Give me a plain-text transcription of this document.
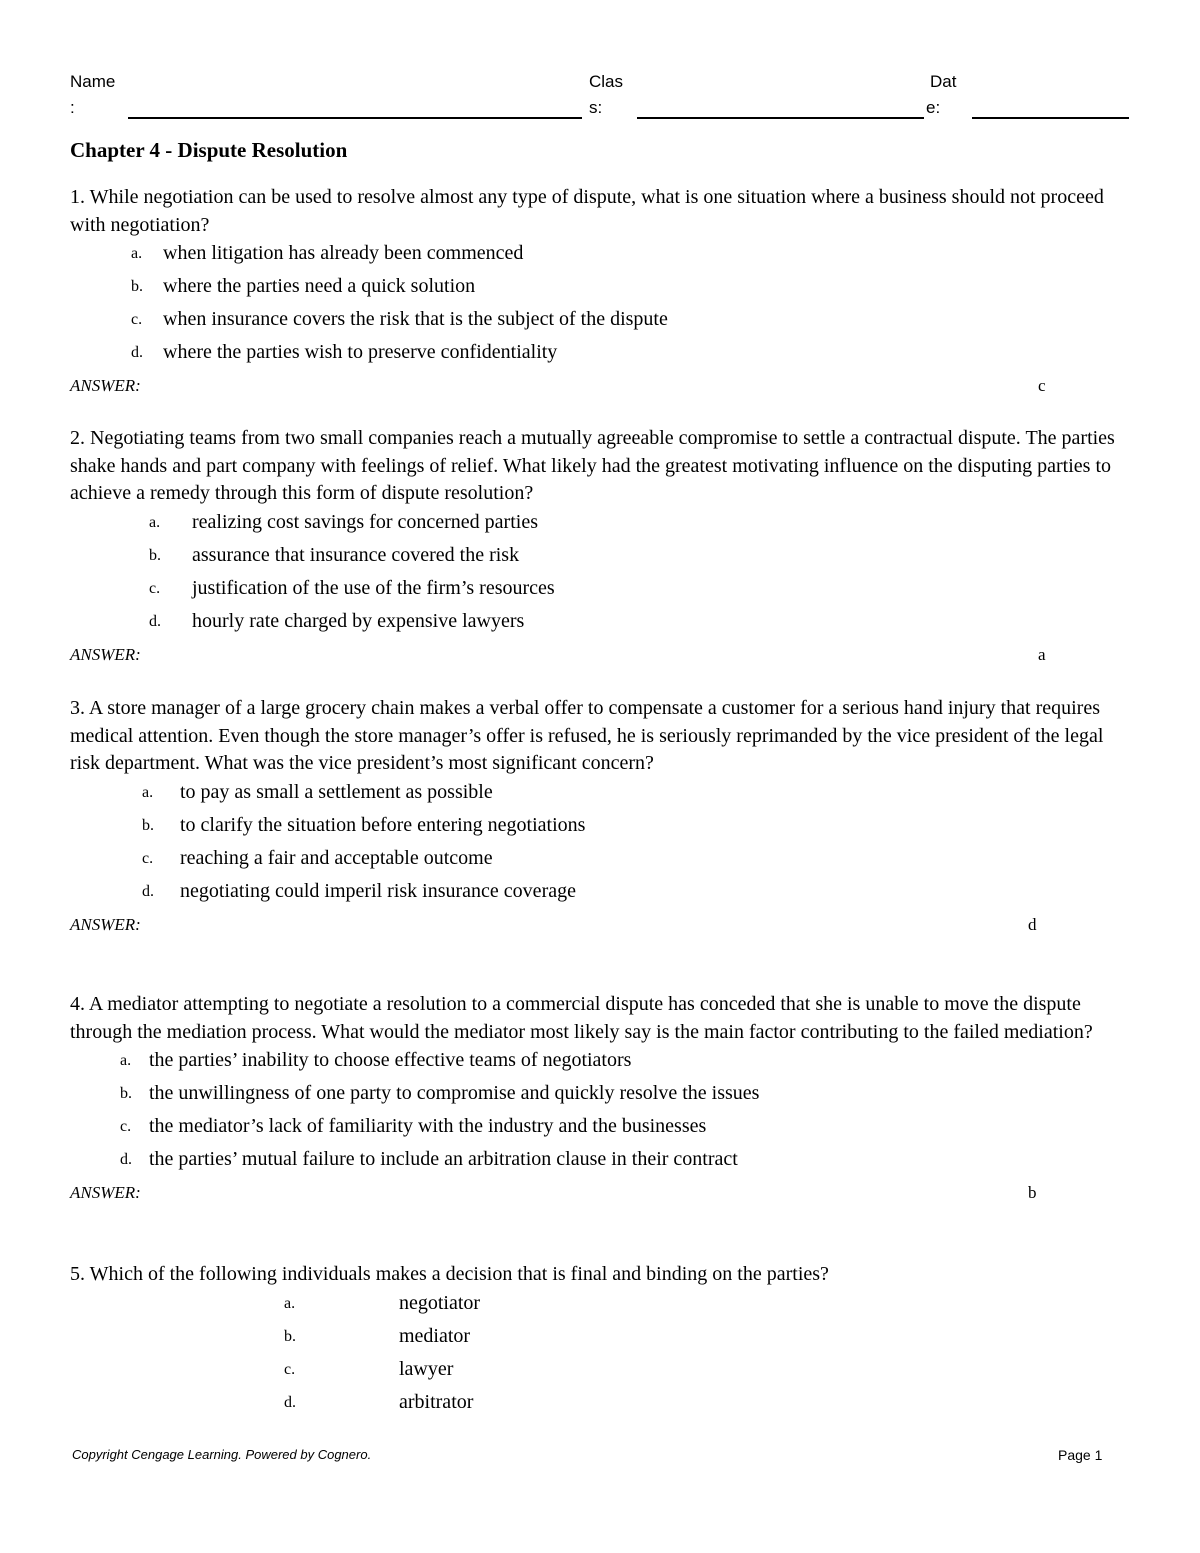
Name
:
Clas
s:
Dat
e:
Chapter 4 - Dispute Resolution
1. While negotiation can be used to resolve almost any type of dispute, what is one situation where a business should not proceed with negotiation?
a. when litigation has already been commenced
b. where the parties need a quick solution
c. when insurance covers the risk that is the subject of the dispute
d. where the parties wish to preserve confidentiality
ANSWER:	c
2. Negotiating teams from two small companies reach a mutually agreeable compromise to settle a contractual dispute. The parties shake hands and part company with feelings of relief. What likely had the greatest motivating influence on the disputing parties to achieve a remedy through this form of dispute resolution?
a. realizing cost savings for concerned parties
b. assurance that insurance covered the risk
c. justification of the use of the firm’s resources
d. hourly rate charged by expensive lawyers
ANSWER:	a
3. A store manager of a large grocery chain makes a verbal offer to compensate a customer for a serious hand injury that requires medical attention. Even though the store manager’s offer is refused, he is seriously reprimanded by the vice president of the legal risk department. What was the vice president’s most significant concern?
a. to pay as small a settlement as possible
b. to clarify the situation before entering negotiations
c. reaching a fair and acceptable outcome
d. negotiating could imperil risk insurance coverage
ANSWER:	d
4. A mediator attempting to negotiate a resolution to a commercial dispute has conceded that she is unable to move the dispute through the mediation process. What would the mediator most likely say is the main factor contributing to the failed mediation?
a. the parties’ inability to choose effective teams of negotiators
b. the unwillingness of one party to compromise and quickly resolve the issues
c. the mediator’s lack of familiarity with the industry and the businesses
d. the parties’ mutual failure to include an arbitration clause in their contract
ANSWER:	b
5. Which of the following individuals makes a decision that is final and binding on the parties?
a.	negotiator
b.	mediator
c.	lawyer
d.	arbitrator
Copyright Cengage Learning. Powered by Cognero.	Page 1
